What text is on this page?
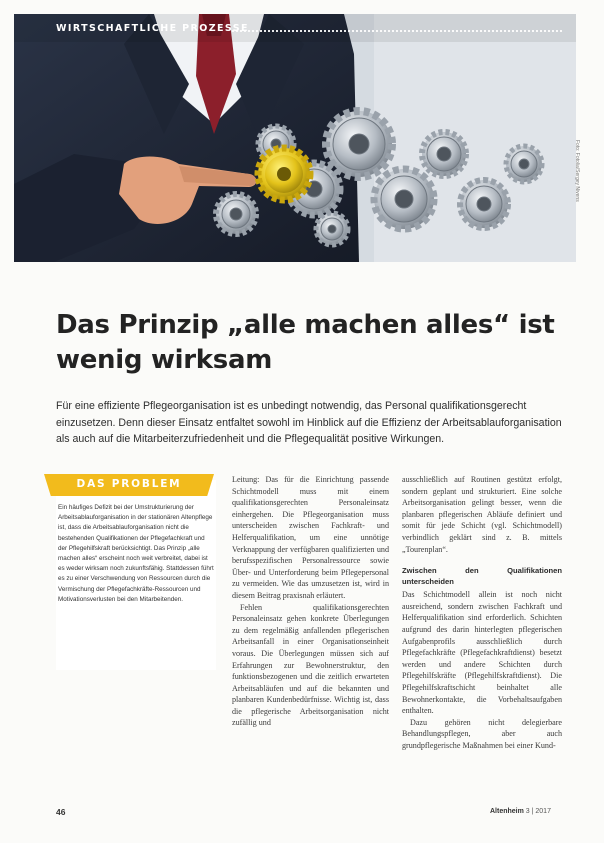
WIRTSCHAFTLICHE PROZESSE
Foto: Fotolia/Sergey Nivens
Das Prinzip „alle machen alles“ ist wenig wirksam

Für eine effiziente Pflegeorganisation ist es unbedingt notwendig, das Personal qualifikationsgerecht einzusetzen. Denn dieser Einsatz entfaltet sowohl im Hinblick auf die Effizienz der Arbeitsablauforganisation als auch auf die Mitarbeiterzufriedenheit und die Pflegequalität positive Wirkungen.

DAS PROBLEM

Ein häufiges Defizit bei der Umstrukturierung der Arbeitsablauforganisation in der stationären Altenpflege ist, dass die Arbeitsablauforganisation nicht die bestehenden Qualifikationen der Pflegefachkraft und der Pflegehilfskraft berücksichtigt. Das Prinzip „alle machen alles“ erscheint noch weit verbreitet, dabei ist es weder wirksam noch zukunftsfähig. Stattdessen führt es zu einer Verschwendung von Ressourcen durch die Vermischung der Pflegefachkräfte-Ressourcen und Motivationsverlusten bei den Mitarbeitenden.

Leitung: Das für die Einrichtung passende Schichtmodell muss mit einem qualifikationsgerechten Personaleinsatz einhergehen. Die Pflegeorganisation muss unterscheiden zwischen Fachkraft- und Helferqualifikation, um eine unnötige Verknappung der verfügbaren qualifizierten und berufsspezifischen Personalressource sowie Über- und Unterforderung beim Pflegepersonal zu vermeiden. Wie das umzusetzen ist, wird in diesem Beitrag praxisnah erläutert.

Fehlen qualifikationsgerechten Personaleinsatz gehen konkrete Überlegungen zu dem regelmäßig anfallenden pflegerischen Arbeitsanfall in einer Organisationseinheit voraus. Die Überlegungen müssen sich auf Erfahrungen zur Bewohnerstruktur, den funktionsbezogenen und die zeitlich erwarteten Arbeitsabläufen und auf die bekannten und planbaren Kundenbedürfnisse. Wichtig ist, dass die pflegerische Arbeitsorganisation nicht zufällig und

ausschließlich auf Routinen gestützt erfolgt, sondern geplant und strukturiert. Eine solche Arbeitsorganisation gelingt besser, wenn die planbaren pflegerischen Abläufe definiert und somit für jede Schicht (vgl. Schichtmodell) verbindlich geklärt sind z. B. mittels „Tourenplan“.

Zwischen den Qualifikationen unterscheiden

Das Schichtmodell allein ist noch nicht ausreichend, sondern zwischen Fachkraft und Helferqualifikation sind erforderlich. Schichten aufgrund des darin hinterlegten pflegerischen Aufgabenprofils ausschließlich durch Pflegefachkräfte (Pflegefachkraftdienst) besetzt werden und andere Schichten durch Pflegehilfskräfte (Pflegehilfskraftdienst). Die Pflegehilfskraftschicht beinhaltet alle Bewohnerkontakte, die Vorbehaltsaufgaben enthalten.

Dazu gehören nicht delegierbare Behandlungspflegen, aber auch grundpflegerische Maßnahmen bei einer Kund-

46	Altenheim 3 | 2017
